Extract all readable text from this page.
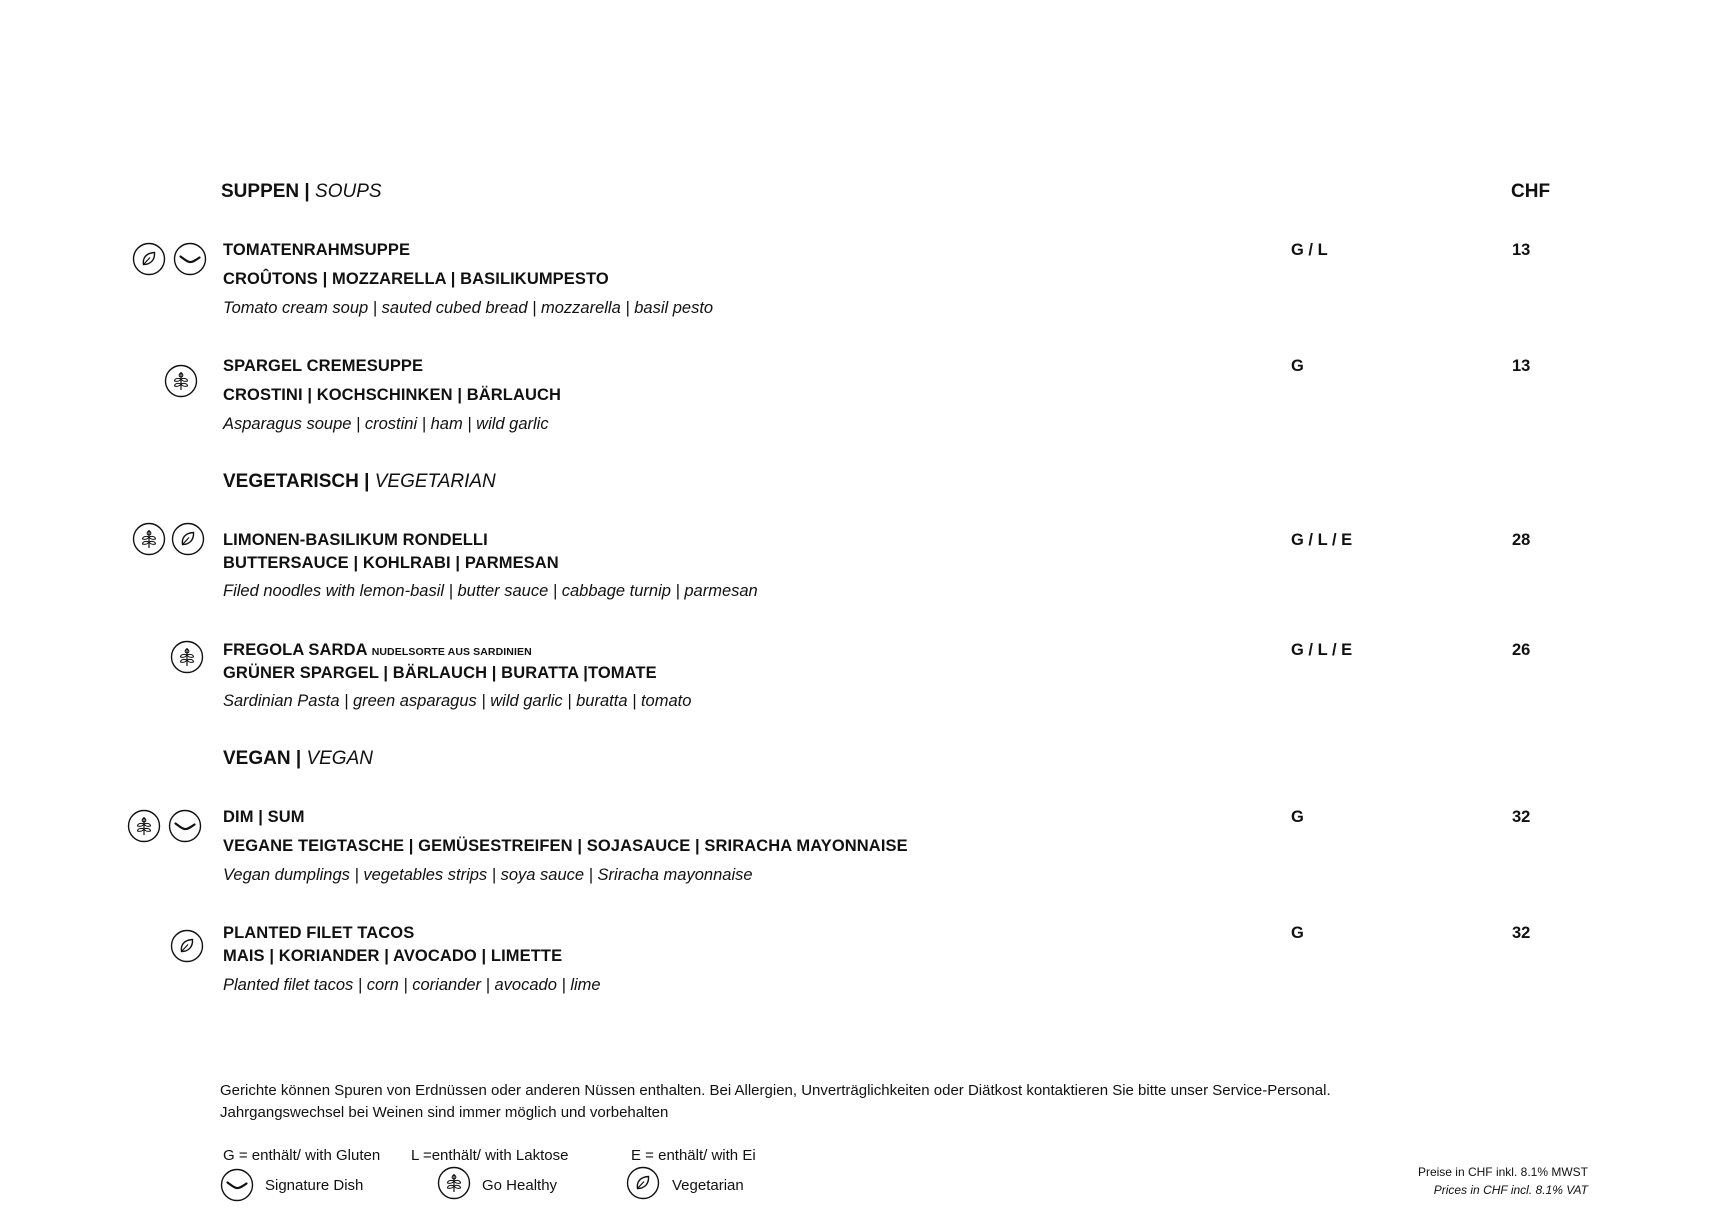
SUPPEN | SOUPS	CHF
TOMATENRAHMSUPPE
CROÛTONS | MOZZARELLA | BASILIKUMPESTO
Tomato cream soup | sauted cubed bread | mozzarella | basil pesto
G / L	13
SPARGEL CREMESUPPE
CROSTINI | KOCHSCHINKEN | BÄRLAUCH
Asparagus soupe | crostini | ham | wild garlic
G	13
VEGETARISCH | VEGETARIAN
LIMONEN-BASILIKUM RONDELLI
BUTTERSAUCE | KOHLRABI | PARMESAN
Filed noodles with lemon-basil | butter sauce | cabbage turnip | parmesan
G / L / E	28
FREGOLA SARDA NUDELSORTE AUS SARDINIEN
GRÜNER SPARGEL | BÄRLAUCH | BURATTA |TOMATE
Sardinian Pasta | green asparagus | wild garlic | buratta | tomato
G / L / E	26
VEGAN | VEGAN
DIM | SUM
VEGANE TEIGTASCHE | GEMÜSESTREIFEN | SOJASAUCE | SRIRACHA MAYONNAISE
Vegan dumplings | vegetables strips | soya sauce | Sriracha mayonnaise
G	32
PLANTED FILET TACOS
MAIS | KORIANDER | AVOCADO | LIMETTE
Planted filet tacos | corn | coriander | avocado | lime
G	32
Gerichte können Spuren von Erdnüssen oder anderen Nüssen enthalten. Bei Allergien, Unverträglichkeiten oder Diätkost kontaktieren Sie bitte unser Service-Personal.
Jahrgangswechsel bei Weinen sind immer möglich und vorbehalten
G = enthält/ with Gluten L =enthält/ with Laktose	E = enthält/ with Ei
Signature Dish	Go Healthy	Vegetarian
Preise in CHF inkl. 8.1% MWST
Prices in CHF incl. 8.1% VAT
